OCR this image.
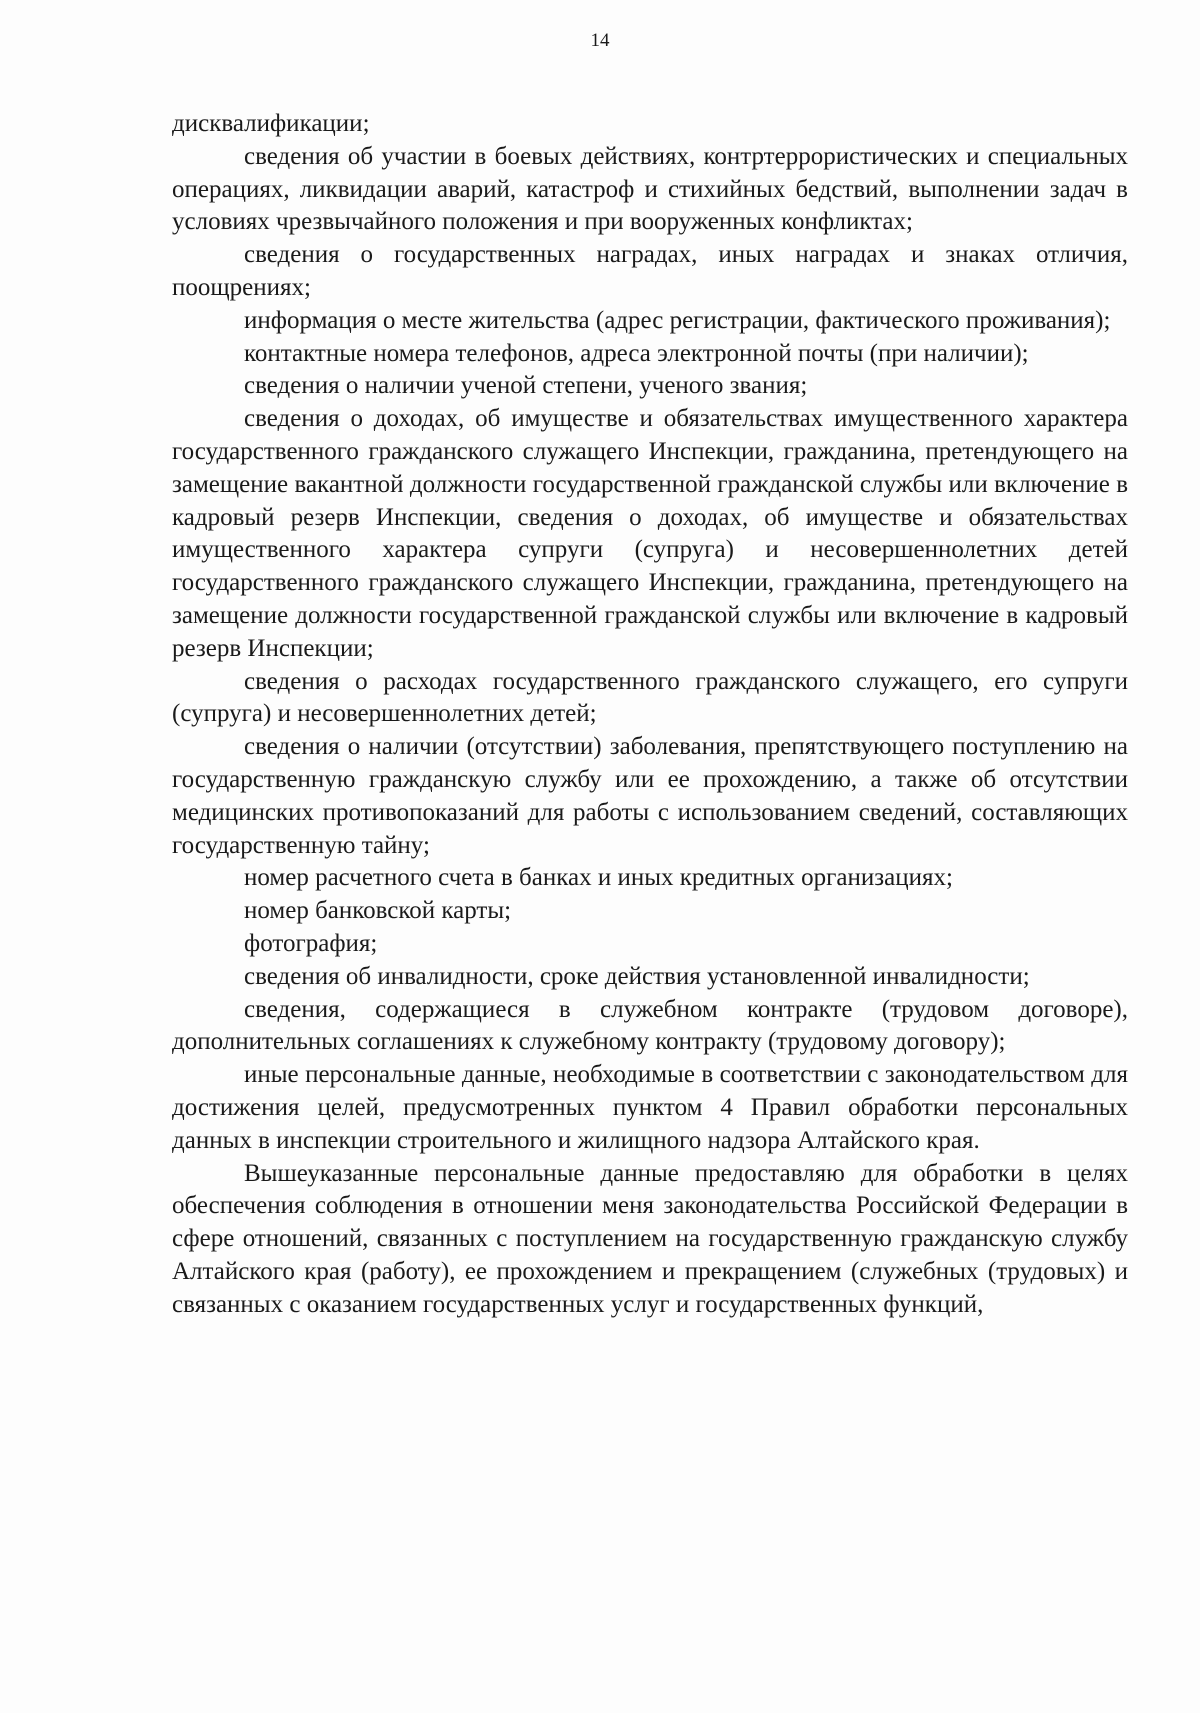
14

дисквалификации;

сведения об участии в боевых действиях, контртеррористических и специальных операциях, ликвидации аварий, катастроф и стихийных бедствий, выполнении задач в условиях чрезвычайного положения и при вооруженных конфликтах;

сведения о государственных наградах, иных наградах и знаках отличия, поощрениях;

информация о месте жительства (адрес регистрации, фактического проживания);

контактные номера телефонов, адреса электронной почты (при наличии);

сведения о наличии ученой степени, ученого звания;

сведения о доходах, об имуществе и обязательствах имущественного характера государственного гражданского служащего Инспекции, гражданина, претендующего на замещение вакантной должности государственной гражданской службы или включение в кадровый резерв Инспекции, сведения о доходах, об имуществе и обязательствах имущественного характера супруги (супруга) и несовершеннолетних детей государственного гражданского служащего Инспекции, гражданина, претендующего на замещение должности государственной гражданской службы или включение в кадровый резерв Инспекции;

сведения о расходах государственного гражданского служащего, его супруги (супруга) и несовершеннолетних детей;

сведения о наличии (отсутствии) заболевания, препятствующего поступлению на государственную гражданскую службу или ее прохождению, а также об отсутствии медицинских противопоказаний для работы с использованием сведений, составляющих государственную тайну;

номер расчетного счета в банках и иных кредитных организациях;

номер банковской карты;

фотография;

сведения об инвалидности, сроке действия установленной инвалидности;

сведения, содержащиеся в служебном контракте (трудовом договоре), дополнительных соглашениях к служебному контракту (трудовому договору);

иные персональные данные, необходимые в соответствии с законодательством для достижения целей, предусмотренных пунктом 4 Правил обработки персональных данных в инспекции строительного и жилищного надзора Алтайского края.

Вышеуказанные персональные данные предоставляю для обработки в целях обеспечения соблюдения в отношении меня законодательства Российской Федерации в сфере отношений, связанных с поступлением на государственную гражданскую службу Алтайского края (работу), ее прохождением и прекращением (служебных (трудовых) и связанных с оказанием государственных услуг и государственных функций,
